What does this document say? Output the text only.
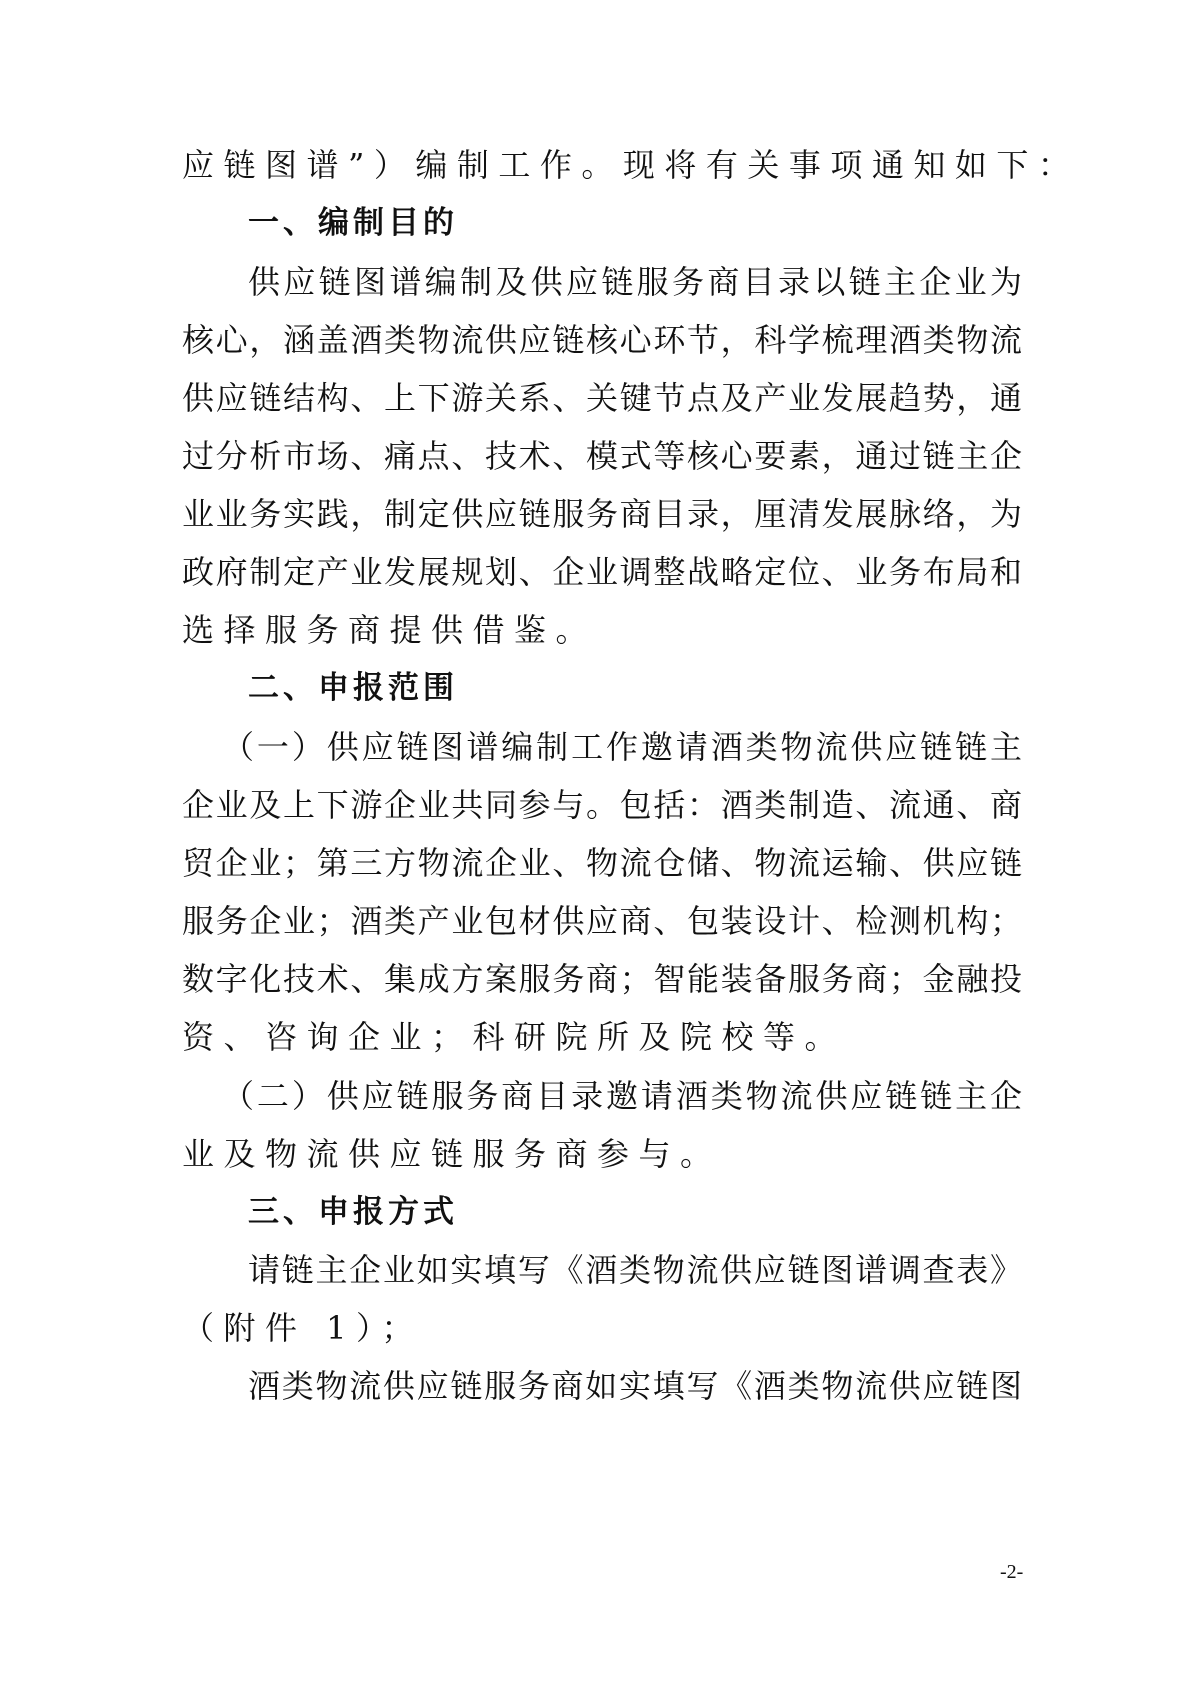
应链图谱”）编制工作。现将有关事项通知如下：
一、编制目的
供应链图谱编制及供应链服务商目录以链主企业为
核心，涵盖酒类物流供应链核心环节，科学梳理酒类物流
供应链结构、上下游关系、关键节点及产业发展趋势，通
过分析市场、痛点、技术、模式等核心要素，通过链主企
业业务实践，制定供应链服务商目录，厘清发展脉络，为
政府制定产业发展规划、企业调整战略定位、业务布局和
选择服务商提供借鉴。
二、申报范围
（一）供应链图谱编制工作邀请酒类物流供应链链主
企业及上下游企业共同参与。包括：酒类制造、流通、商
贸企业；第三方物流企业、物流仓储、物流运输、供应链
服务企业；酒类产业包材供应商、包装设计、检测机构；
数字化技术、集成方案服务商；智能装备服务商；金融投
资、咨询企业；科研院所及院校等。
（二）供应链服务商目录邀请酒类物流供应链链主企
业及物流供应链服务商参与。
三、申报方式
请链主企业如实填写《酒类物流供应链图谱调查表》
（附件 1）；
酒类物流供应链服务商如实填写《酒类物流供应链图
-2-
